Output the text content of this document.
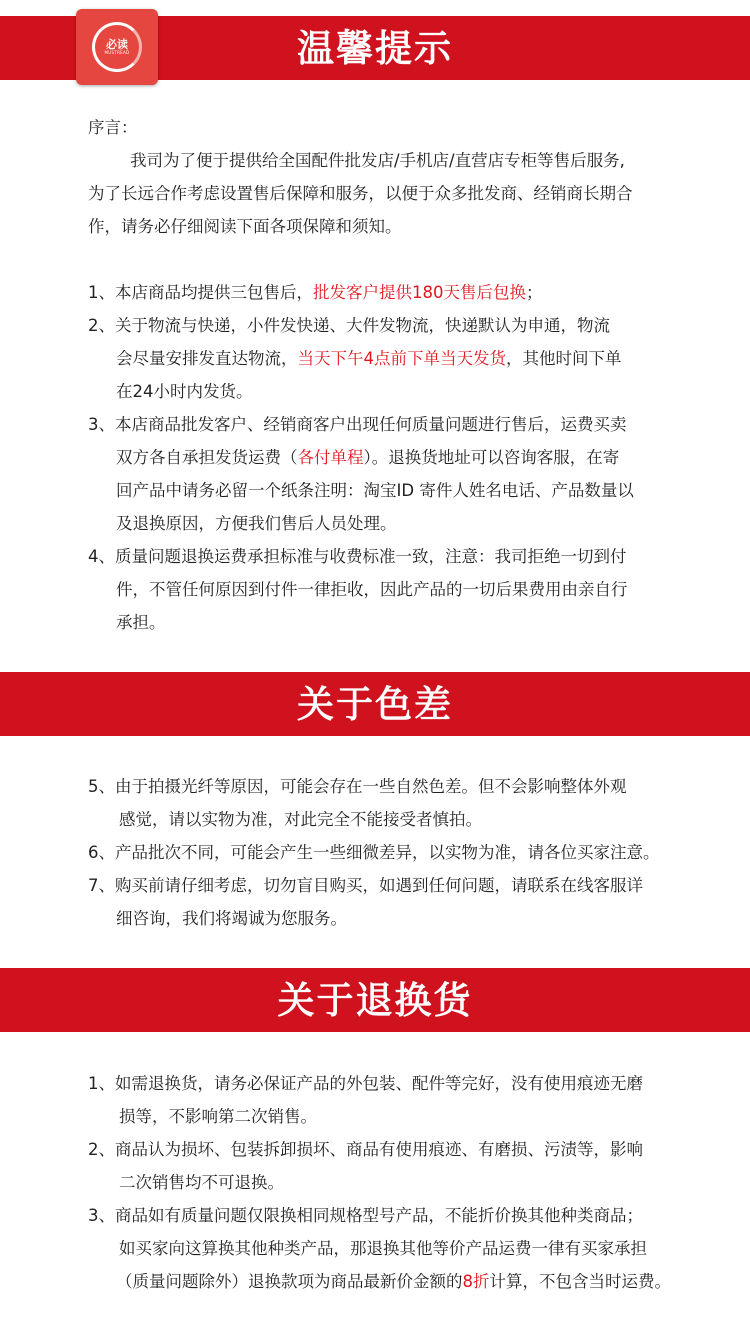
温馨提示
必读
MUSTREAD

序言：

我司为了便于提供给全国配件批发店/手机店/直营店专柜等售后服务,

为了长远合作考虑设置售后保障和服务，以便于众多批发商、经销商长期合

作，请务必仔细阅读下面各项保障和须知。

1、本店商品均提供三包售后，批发客户提供180天售后包换；

2、关于物流与快递，小件发快递、大件发物流，快递默认为申通，物流

会尽量安排发直达物流，当天下午4点前下单当天发货，其他时间下单

在24小时内发货。

3、本店商品批发客户、经销商客户出现任何质量问题进行售后，运费买卖

双方各自承担发货运费（各付单程）。退换货地址可以咨询客服，在寄

回产品中请务必留一个纸条注明：淘宝ID 寄件人姓名电话、产品数量以

及退换原因，方便我们售后人员处理。

4、质量问题退换运费承担标准与收费标准一致，注意：我司拒绝一切到付

件，不管任何原因到付件一律拒收，因此产品的一切后果费用由亲自行

承担。

关于色差

5、由于拍摄光纤等原因，可能会存在一些自然色差。但不会影响整体外观

感觉，请以实物为准，对此完全不能接受者慎拍。

6、产品批次不同，可能会产生一些细微差异，以实物为准，请各位买家注意。

7、购买前请仔细考虑，切勿盲目购买，如遇到任何问题，请联系在线客服详

细咨询，我们将竭诚为您服务。

关于退换货

1、如需退换货，请务必保证产品的外包装、配件等完好，没有使用痕迹无磨

损等，不影响第二次销售。

2、商品认为损坏、包装拆卸损坏、商品有使用痕迹、有磨损、污渍等，影响

二次销售均不可退换。

3、商品如有质量问题仅限换相同规格型号产品，不能折价换其他种类商品；

如买家向这算换其他种类产品，那退换其他等价产品运费一律有买家承担

（质量问题除外）退换款项为商品最新价金额的8折计算，不包含当时运费。
